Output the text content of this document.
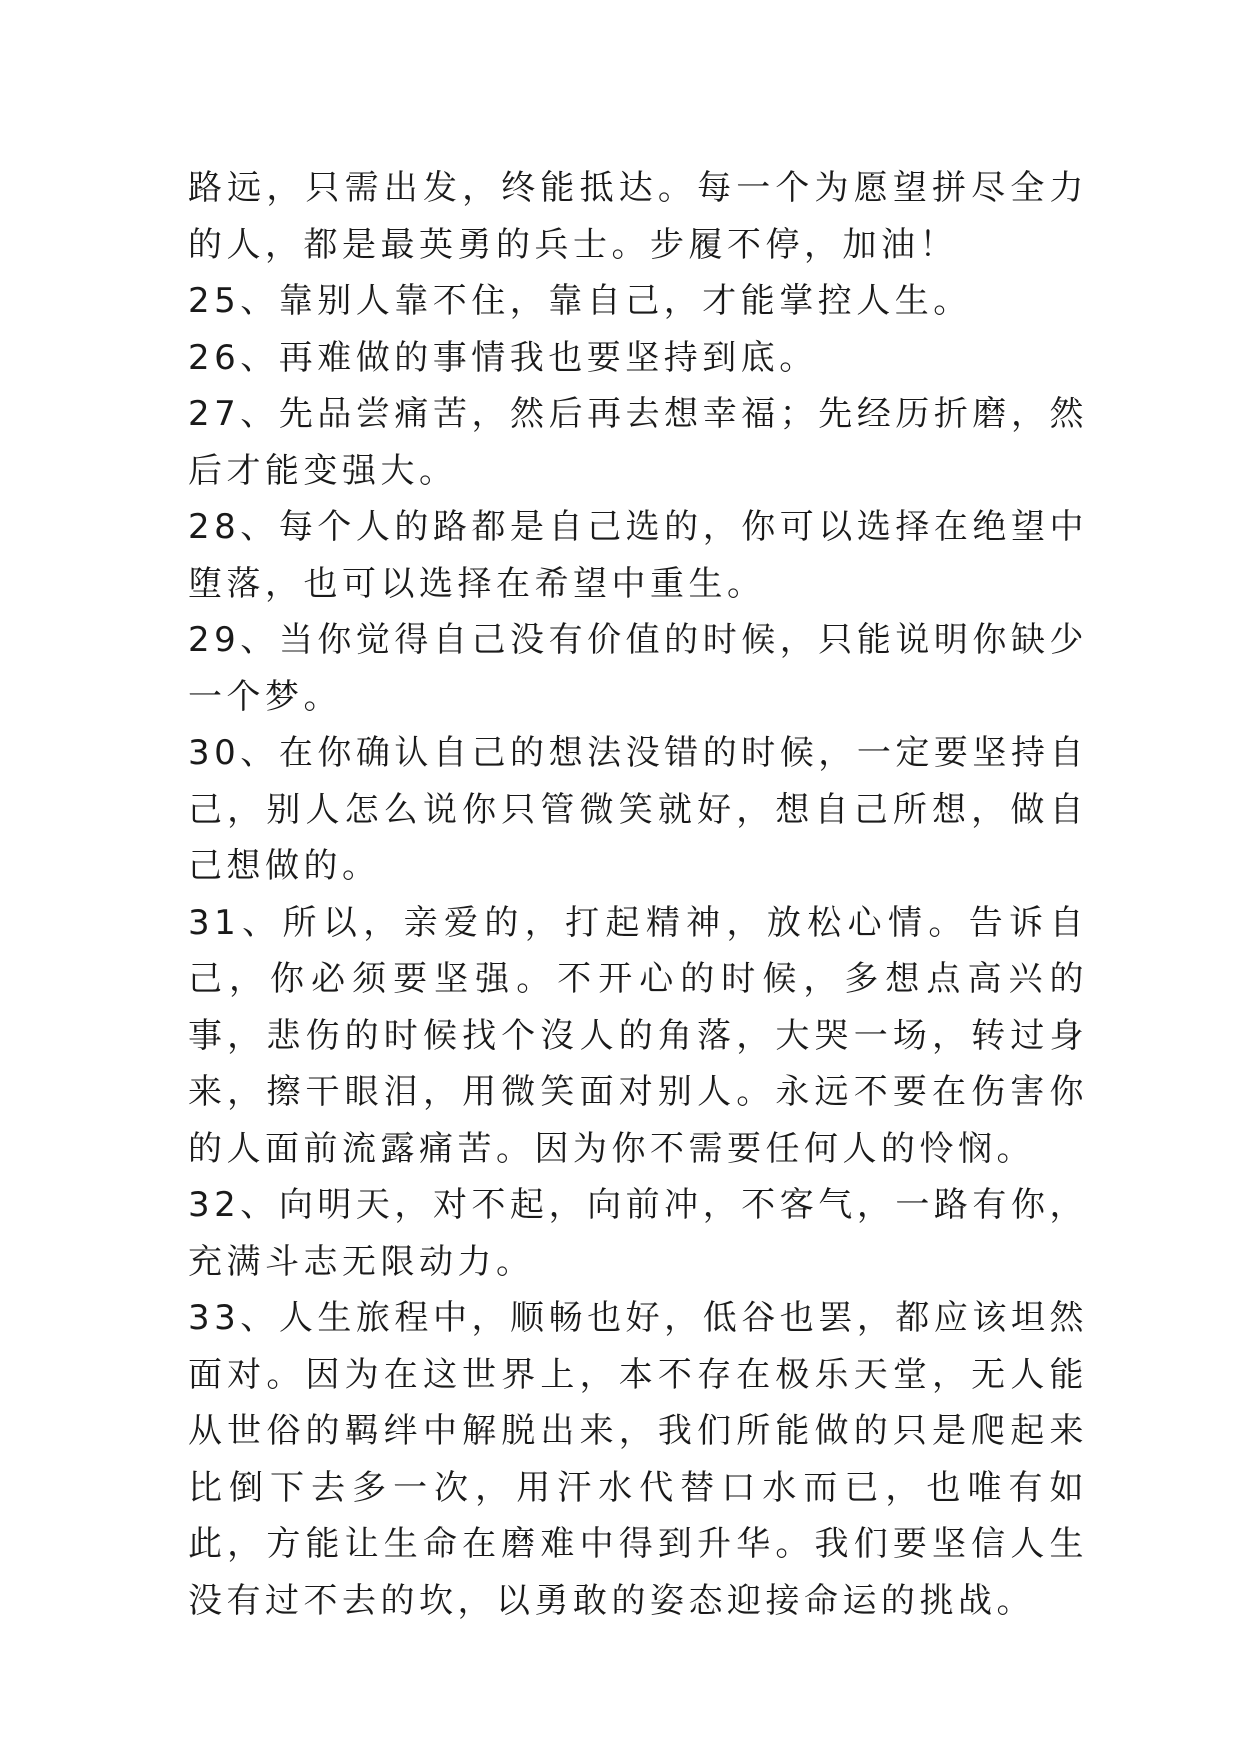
路远，只需出发，终能抵达。每一个为愿望拼尽全力的人，都是最英勇的兵士。步履不停，加油！

25、靠别人靠不住，靠自己，才能掌控人生。

26、再难做的事情我也要坚持到底。

27、先品尝痛苦，然后再去想幸福；先经历折磨，然后才能变强大。

28、每个人的路都是自己选的，你可以选择在绝望中堕落，也可以选择在希望中重生。

29、当你觉得自己没有价值的时候，只能说明你缺少一个梦。

30、在你确认自己的想法没错的时候，一定要坚持自己，别人怎么说你只管微笑就好，想自己所想，做自己想做的。

31、所以，亲爱的，打起精神，放松心情。告诉自己，你必须要坚强。不开心的时候，多想点高兴的事，悲伤的时候找个沒人的角落，大哭一场，转过身来，擦干眼泪，用微笑面对别人。永远不要在伤害你的人面前流露痛苦。因为你不需要任何人的怜悯。

32、向明天，对不起，向前冲，不客气，一路有你，充满斗志无限动力。

33、人生旅程中，顺畅也好，低谷也罢，都应该坦然面对。因为在这世界上，本不存在极乐天堂，无人能从世俗的羁绊中解脱出来，我们所能做的只是爬起来比倒下去多一次，用汗水代替口水而已，也唯有如此，方能让生命在磨难中得到升华。我们要坚信人生没有过不去的坎，以勇敢的姿态迎接命运的挑战。
